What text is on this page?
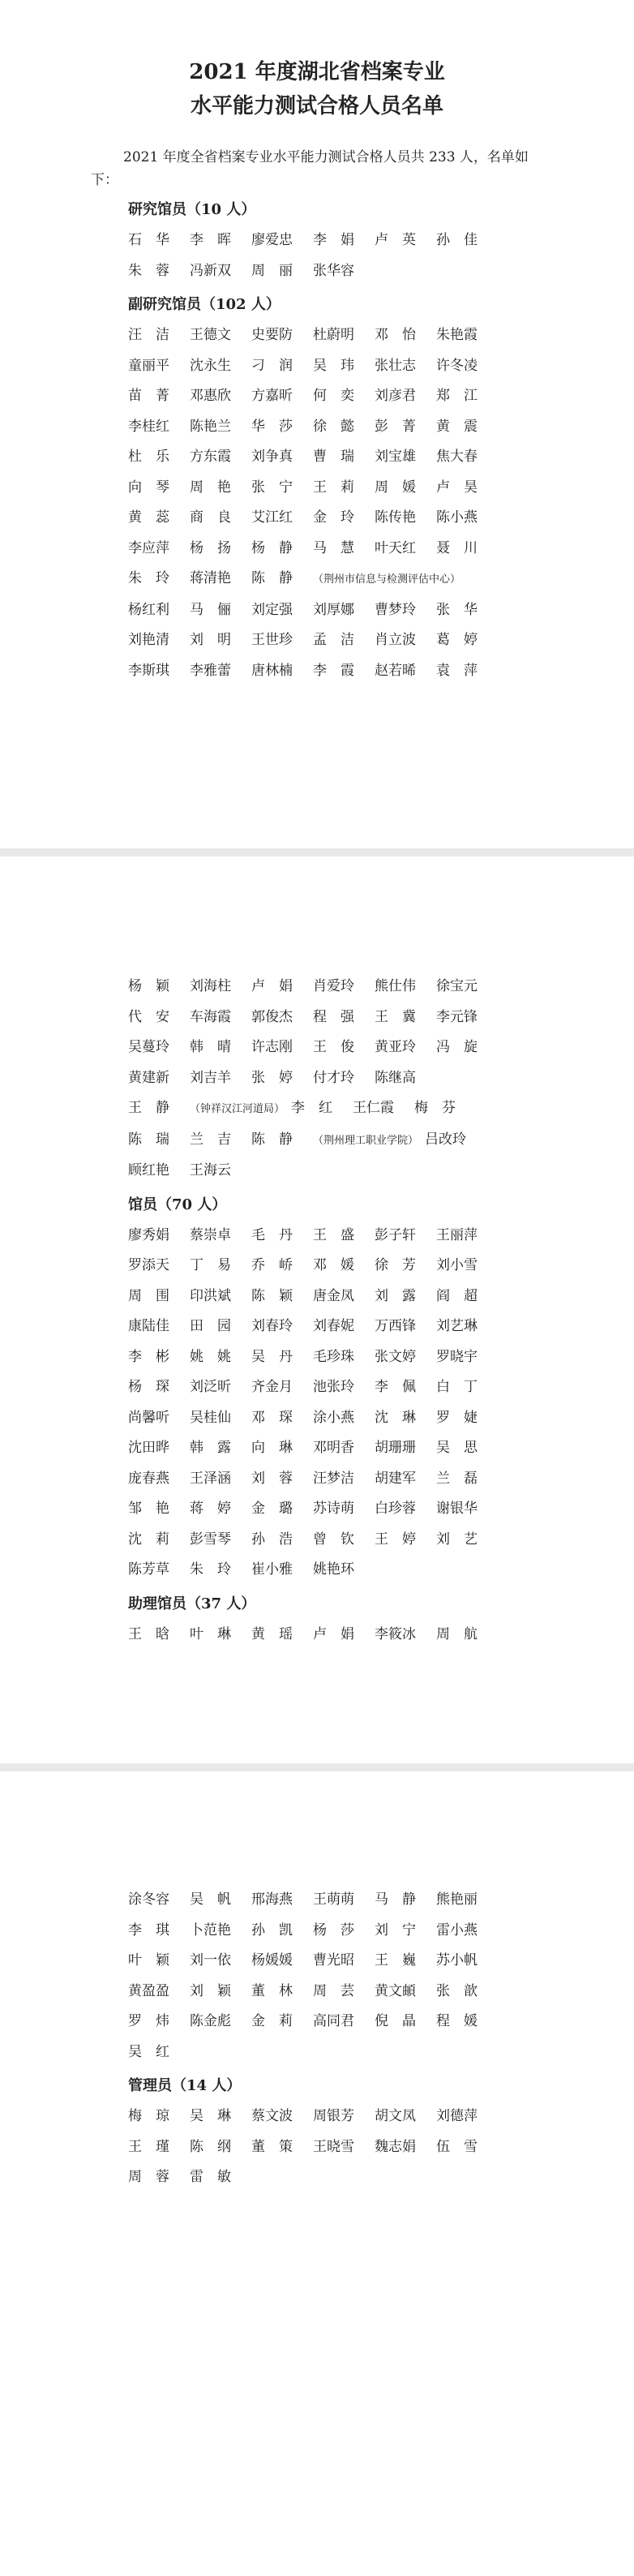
2021 年度湖北省档案专业
水平能力测试合格人员名单
2021 年度全省档案专业水平能力测试合格人员共 233 人，名单如下：
研究馆员（10 人）
石　华 李　晖 廖爱忠 李　娟 卢　英 孙　佳
朱　蓉 冯新双 周　丽 张华容
副研究馆员（102 人）
汪　洁 王德文 史要防 杜蔚明 邓　怡 朱艳霞
童丽平 沈永生 刁　润 吴　玮 张壮志 许冬凌
苗　菁 邓惠欣 方嘉昕 何　奕 刘彦君 郑　江
李桂红 陈艳兰 华　莎 徐　懿 彭　菁 黄　震
杜　乐 方东霞 刘争真 曹　瑞 刘宝雄 焦大春
向　琴 周　艳 张　宁 王　莉 周　媛 卢　昊
黄　蕊 商　良 艾江红 金　玲 陈传艳 陈小燕
李应萍 杨　扬 杨　静 马　慧 叶天红 聂　川
朱　玲 蒋清艳 陈　静 （荆州市信息与检测评估中心）
杨红利 马　俪 刘定强 刘厚娜 曹梦玲 张　华
刘艳清 刘　明 王世珍 孟　洁 肖立波 葛　婷
李斯琪 李雅蕾 唐林楠 李　霞 赵若晞 袁　萍
杨　颖 刘海柱 卢　娟 肖爱玲 熊仕伟 徐宝元
代　安 车海霞 郭俊杰 程　强 王　冀 李元锋
吴蔓玲 韩　晴 许志刚 王　俊 黄亚玲 冯　旋
黄建新 刘吉羊 张　婷 付才玲 陈继高
王　静 （钟祥汉江河道局） 李　红 王仁霞 梅　芬
陈　瑞 兰　吉 陈　静 （荆州理工职业学院） 吕改玲
顾红艳 王海云
馆员（70 人）
廖秀娟 蔡崇卓 毛　丹 王　盛 彭子轩 王丽萍
罗添天 丁　易 乔　峤 邓　媛 徐　芳 刘小雪
周　围 印洪斌 陈　颖 唐金凤 刘　露 阎　超
康陆佳 田　园 刘春玲 刘春妮 万西锋 刘艺琳
李　彬 姚　姚 吴　丹 毛珍珠 张文婷 罗晓宇
杨　琛 刘泛昕 齐金月 池张玲 李　佩 白　丁
尚馨听 吴桂仙 邓　琛 涂小燕 沈　琳 罗　婕
沈田晔 韩　露 向　琳 邓明香 胡珊珊 吴　思
庞春燕 王泽涵 刘　蓉 汪梦洁 胡建军 兰　磊
邹　艳 蒋　婷 金　璐 苏诗萌 白珍蓉 谢银华
沈　莉 彭雪琴 孙　浩 曾　钦 王　婷 刘　艺
陈芳草 朱　玲 崔小雅 姚艳环
助理馆员（37 人）
王　晗 叶　琳 黄　瑶 卢　娟 李筱冰 周　航
涂冬容 吴　帆 邢海燕 王萌萌 马　静 熊艳丽
李　琪 卜范艳 孙　凯 杨　莎 刘　宁 雷小燕
叶　颖 刘一依 杨媛媛 曹光昭 王　巍 苏小帆
黄盈盈 刘　颖 董　林 周　芸 黄文頔 张　歆
罗　炜 陈金彪 金　莉 高同君 倪　晶 程　媛
吴　红
管理员（14 人）
梅　琼 吴　琳 蔡文波 周银芳 胡文凤 刘德萍
王　瑾 陈　纲 董　策 王晓雪 魏志娟 伍　雪
周　蓉 雷　敏
